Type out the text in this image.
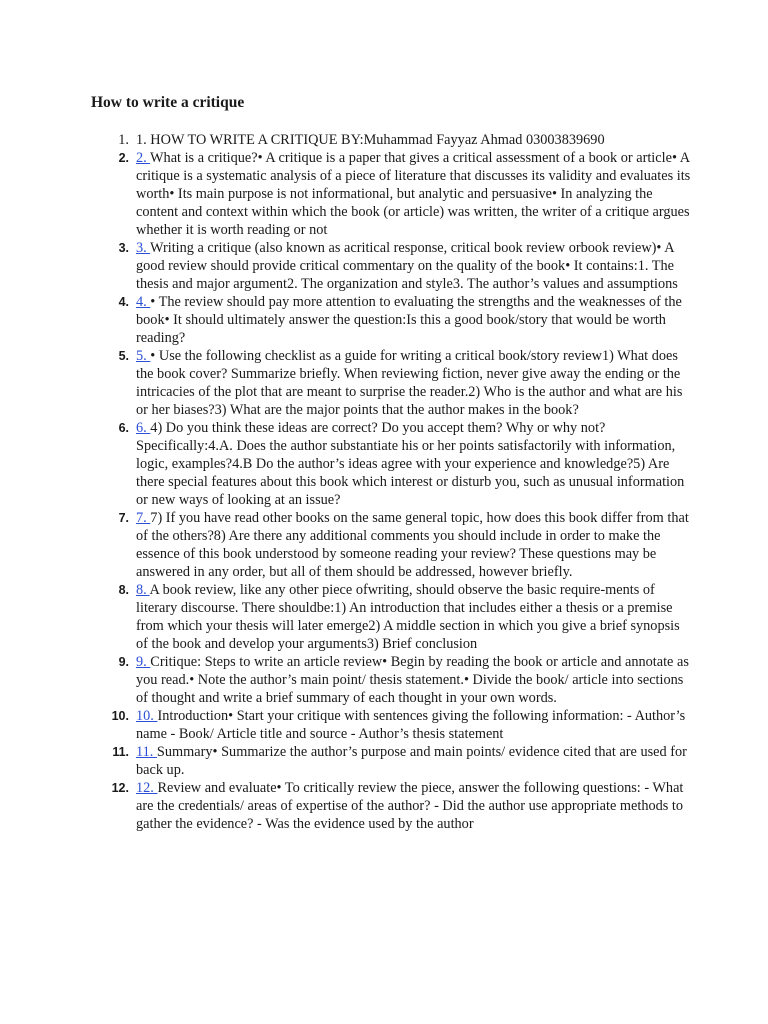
How to write a critique
1. 1. HOW TO WRITE A CRITIQUE BY:Muhammad Fayyaz Ahmad 03003839690
2. 2. What is a critique?• A critique is a paper that gives a critical assessment of a book or article• A critique is a systematic analysis of a piece of literature that discusses its validity and evaluates its worth• Its main purpose is not informational, but analytic and persuasive• In analyzing the content and context within which the book (or article) was written, the writer of a critique argues whether it is worth reading or not
3. 3. Writing a critique (also known as acritical response, critical book review orbook review)• A good review should provide critical commentary on the quality of the book• It contains:1. The thesis and major argument2. The organization and style3. The author’s values and assumptions
4. 4. • The review should pay more attention to evaluating the strengths and the weaknesses of the book• It should ultimately answer the question:Is this a good book/story that would be worth reading?
5. 5. • Use the following checklist as a guide for writing a critical book/story review1) What does the book cover? Summarize briefly. When reviewing fiction, never give away the ending or the intricacies of the plot that are meant to surprise the reader.2) Who is the author and what are his or her biases?3) What are the major points that the author makes in the book?
6. 6. 4) Do you think these ideas are correct? Do you accept them? Why or why not? Specifically:4.A. Does the author substantiate his or her points satisfactorily with information, logic, examples?4.B Do the author’s ideas agree with your experience and knowledge?5) Are there special features about this book which interest or disturb you, such as unusual information or new ways of looking at an issue?
7. 7. 7) If you have read other books on the same general topic, how does this book differ from that of the others?8) Are there any additional comments you should include in order to make the essence of this book understood by someone reading your review? These questions may be answered in any order, but all of them should be addressed, however briefly.
8. 8. A book review, like any other piece ofwriting, should observe the basic require-ments of literary discourse. There shouldbe:1) An introduction that includes either a thesis or a premise from which your thesis will later emerge2) A middle section in which you give a brief synopsis of the book and develop your arguments3) Brief conclusion
9. 9. Critique: Steps to write an article review• Begin by reading the book or article and annotate as you read.• Note the author’s main point/ thesis statement.• Divide the book/ article into sections of thought and write a brief summary of each thought in your own words.
10. 10. Introduction• Start your critique with sentences giving the following information: - Author’s name - Book/ Article title and source - Author’s thesis statement
11. 11. Summary• Summarize the author’s purpose and main points/ evidence cited that are used for back up.
12. 12. Review and evaluate• To critically review the piece, answer the following questions: - What are the credentials/ areas of expertise of the author? - Did the author use appropriate methods to gather the evidence? - Was the evidence used by the author
